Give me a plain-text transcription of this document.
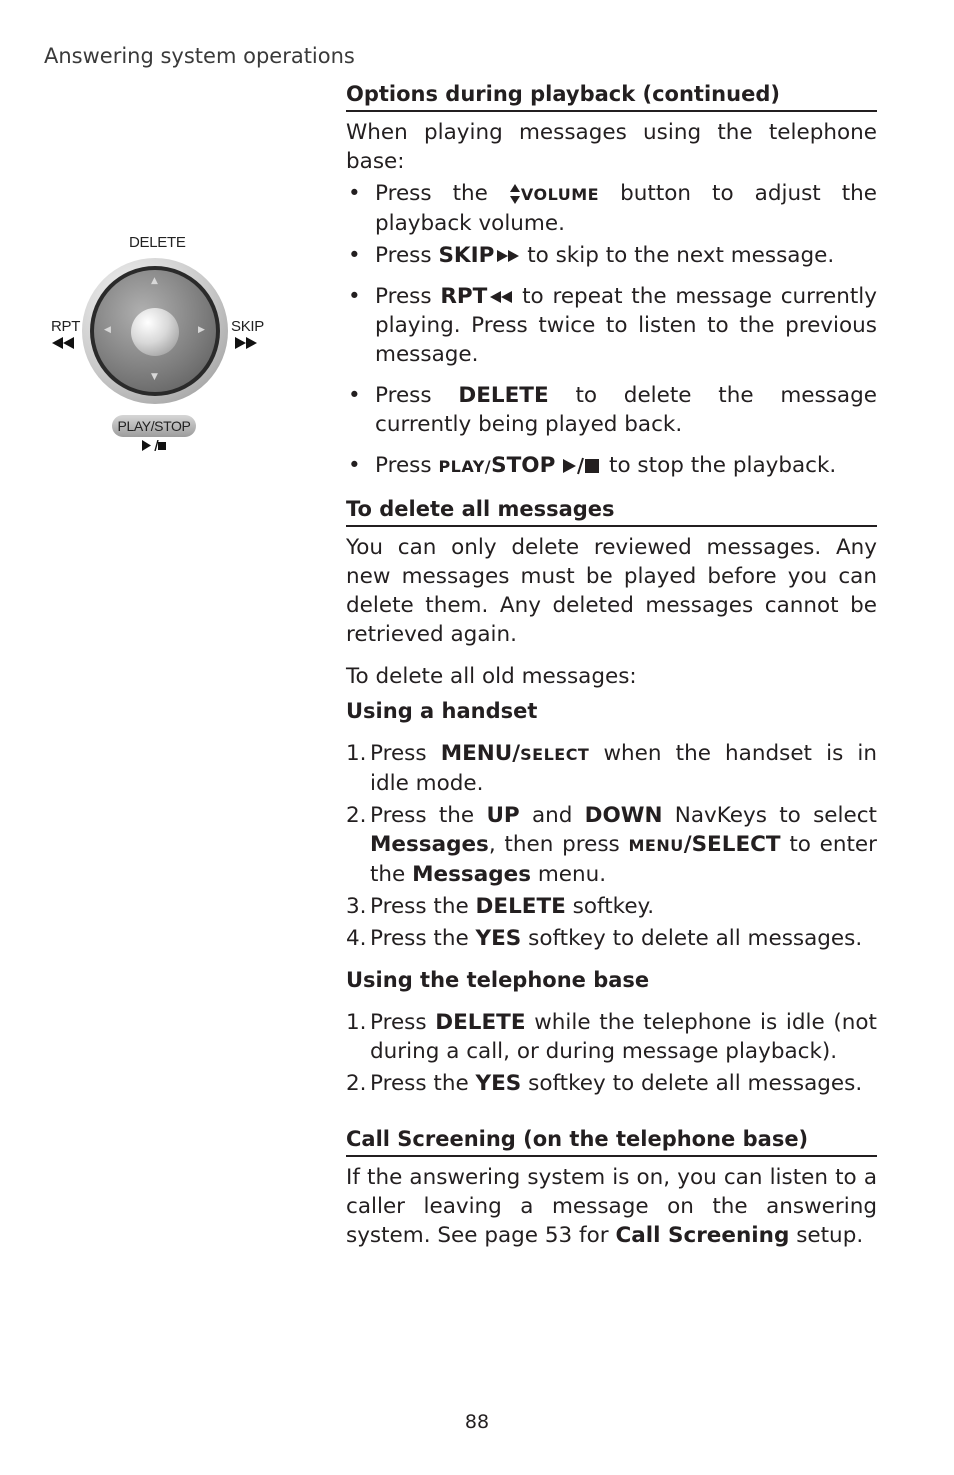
Answering system operations
DELETE
RPT	SKIP
▲
▼
◀	▶
PLAY/STOP
Options during playback (continued)

When playing messages using the telephone base:

• Press the VOLUME button to adjust the playback volume.
• Press SKIP to skip to the next message.
• Press RPT to repeat the message currently playing. Press twice to listen to the previous message.
• Press DELETE to delete the message currently being played back.
• Press PLAY/STOP to stop the playback.
To delete all messages

You can only delete reviewed messages. Any new messages must be played before you can delete them. Any deleted messages cannot be retrieved again.

To delete all old messages:

Using a handset

1. Press MENU/SELECT when the handset is in idle mode.
2. Press the UP and DOWN NavKeys to select Messages, then press MENU/SELECT to enter the Messages menu.
3. Press the DELETE softkey.
4. Press the YES softkey to delete all messages.

Using the telephone base

1. Press DELETE while the telephone is idle (not during a call, or during message playback).
2. Press the YES softkey to delete all messages.
Call Screening (on the telephone base)

If the answering system is on, you can listen to a caller leaving a message on the answering system. See page 53 for Call Screening setup.

88
